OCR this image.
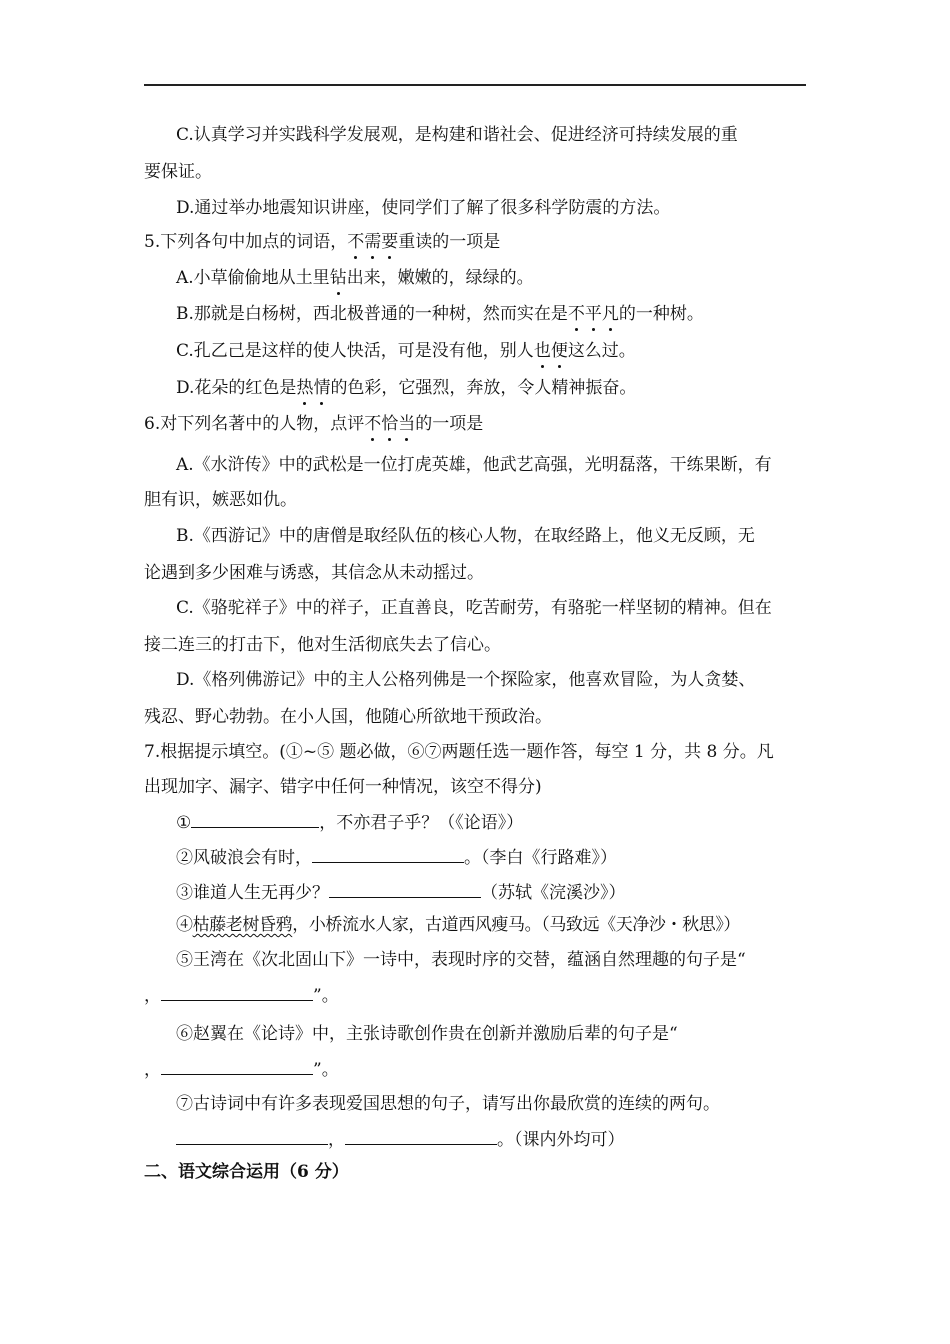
C.认真学习并实践科学发展观，是构建和谐社会、促进经济可持续发展的重
要保证。
D.通过举办地震知识讲座，使同学们了解了很多科学防震的方法。
5.下列各句中加点的词语，不需要重读的一项是
A.小草偷偷地从土里钻出来，嫩嫩的，绿绿的。
B.那就是白杨树，西北极普通的一种树，然而实在是不平凡的一种树。
C.孔乙己是这样的使人快活，可是没有他，别人也便这么过。
D.花朵的红色是热情的色彩，它强烈，奔放，令人精神振奋。
6.对下列名著中的人物，点评不恰当的一项是
A.《水浒传》中的武松是一位打虎英雄，他武艺高强，光明磊落，干练果断，有
胆有识，嫉恶如仇。
B.《西游记》中的唐僧是取经队伍的核心人物，在取经路上，他义无反顾，无
论遇到多少困难与诱惑，其信念从未动摇过。
C.《骆驼祥子》中的祥子，正直善良，吃苦耐劳，有骆驼一样坚韧的精神。但在
接二连三的打击下，他对生活彻底失去了信心。
D.《格列佛游记》中的主人公格列佛是一个探险家，他喜欢冒险，为人贪婪、
残忍、野心勃勃。在小人国，他随心所欲地干预政治。
7.根据提示填空。(①~⑤ 题必做，⑥⑦两题任选一题作答，每空 1 分，共 8 分。凡
出现加字、漏字、错字中任何一种情况，该空不得分)
①	，不亦君子乎？（《论语》）
②风破浪会有时，	。（李白《行路难》）
③谁道人生无再少？	（苏轼《浣溪沙》）
④枯藤老树昏鸦，小桥流水人家，古道西风瘦马。（马致远《天净沙・秋思》）
⑤王湾在《次北固山下》一诗中，表现时序的交替，蕴涵自然理趣的句子是“
，	”。
⑥赵翼在《论诗》中，主张诗歌创作贵在创新并激励后辈的句子是“
，	”。
⑦古诗词中有许多表现爱国思想的句子，请写出你最欣赏的连续的两句。
，	。（课内外均可）
二、语文综合运用（6 分）
